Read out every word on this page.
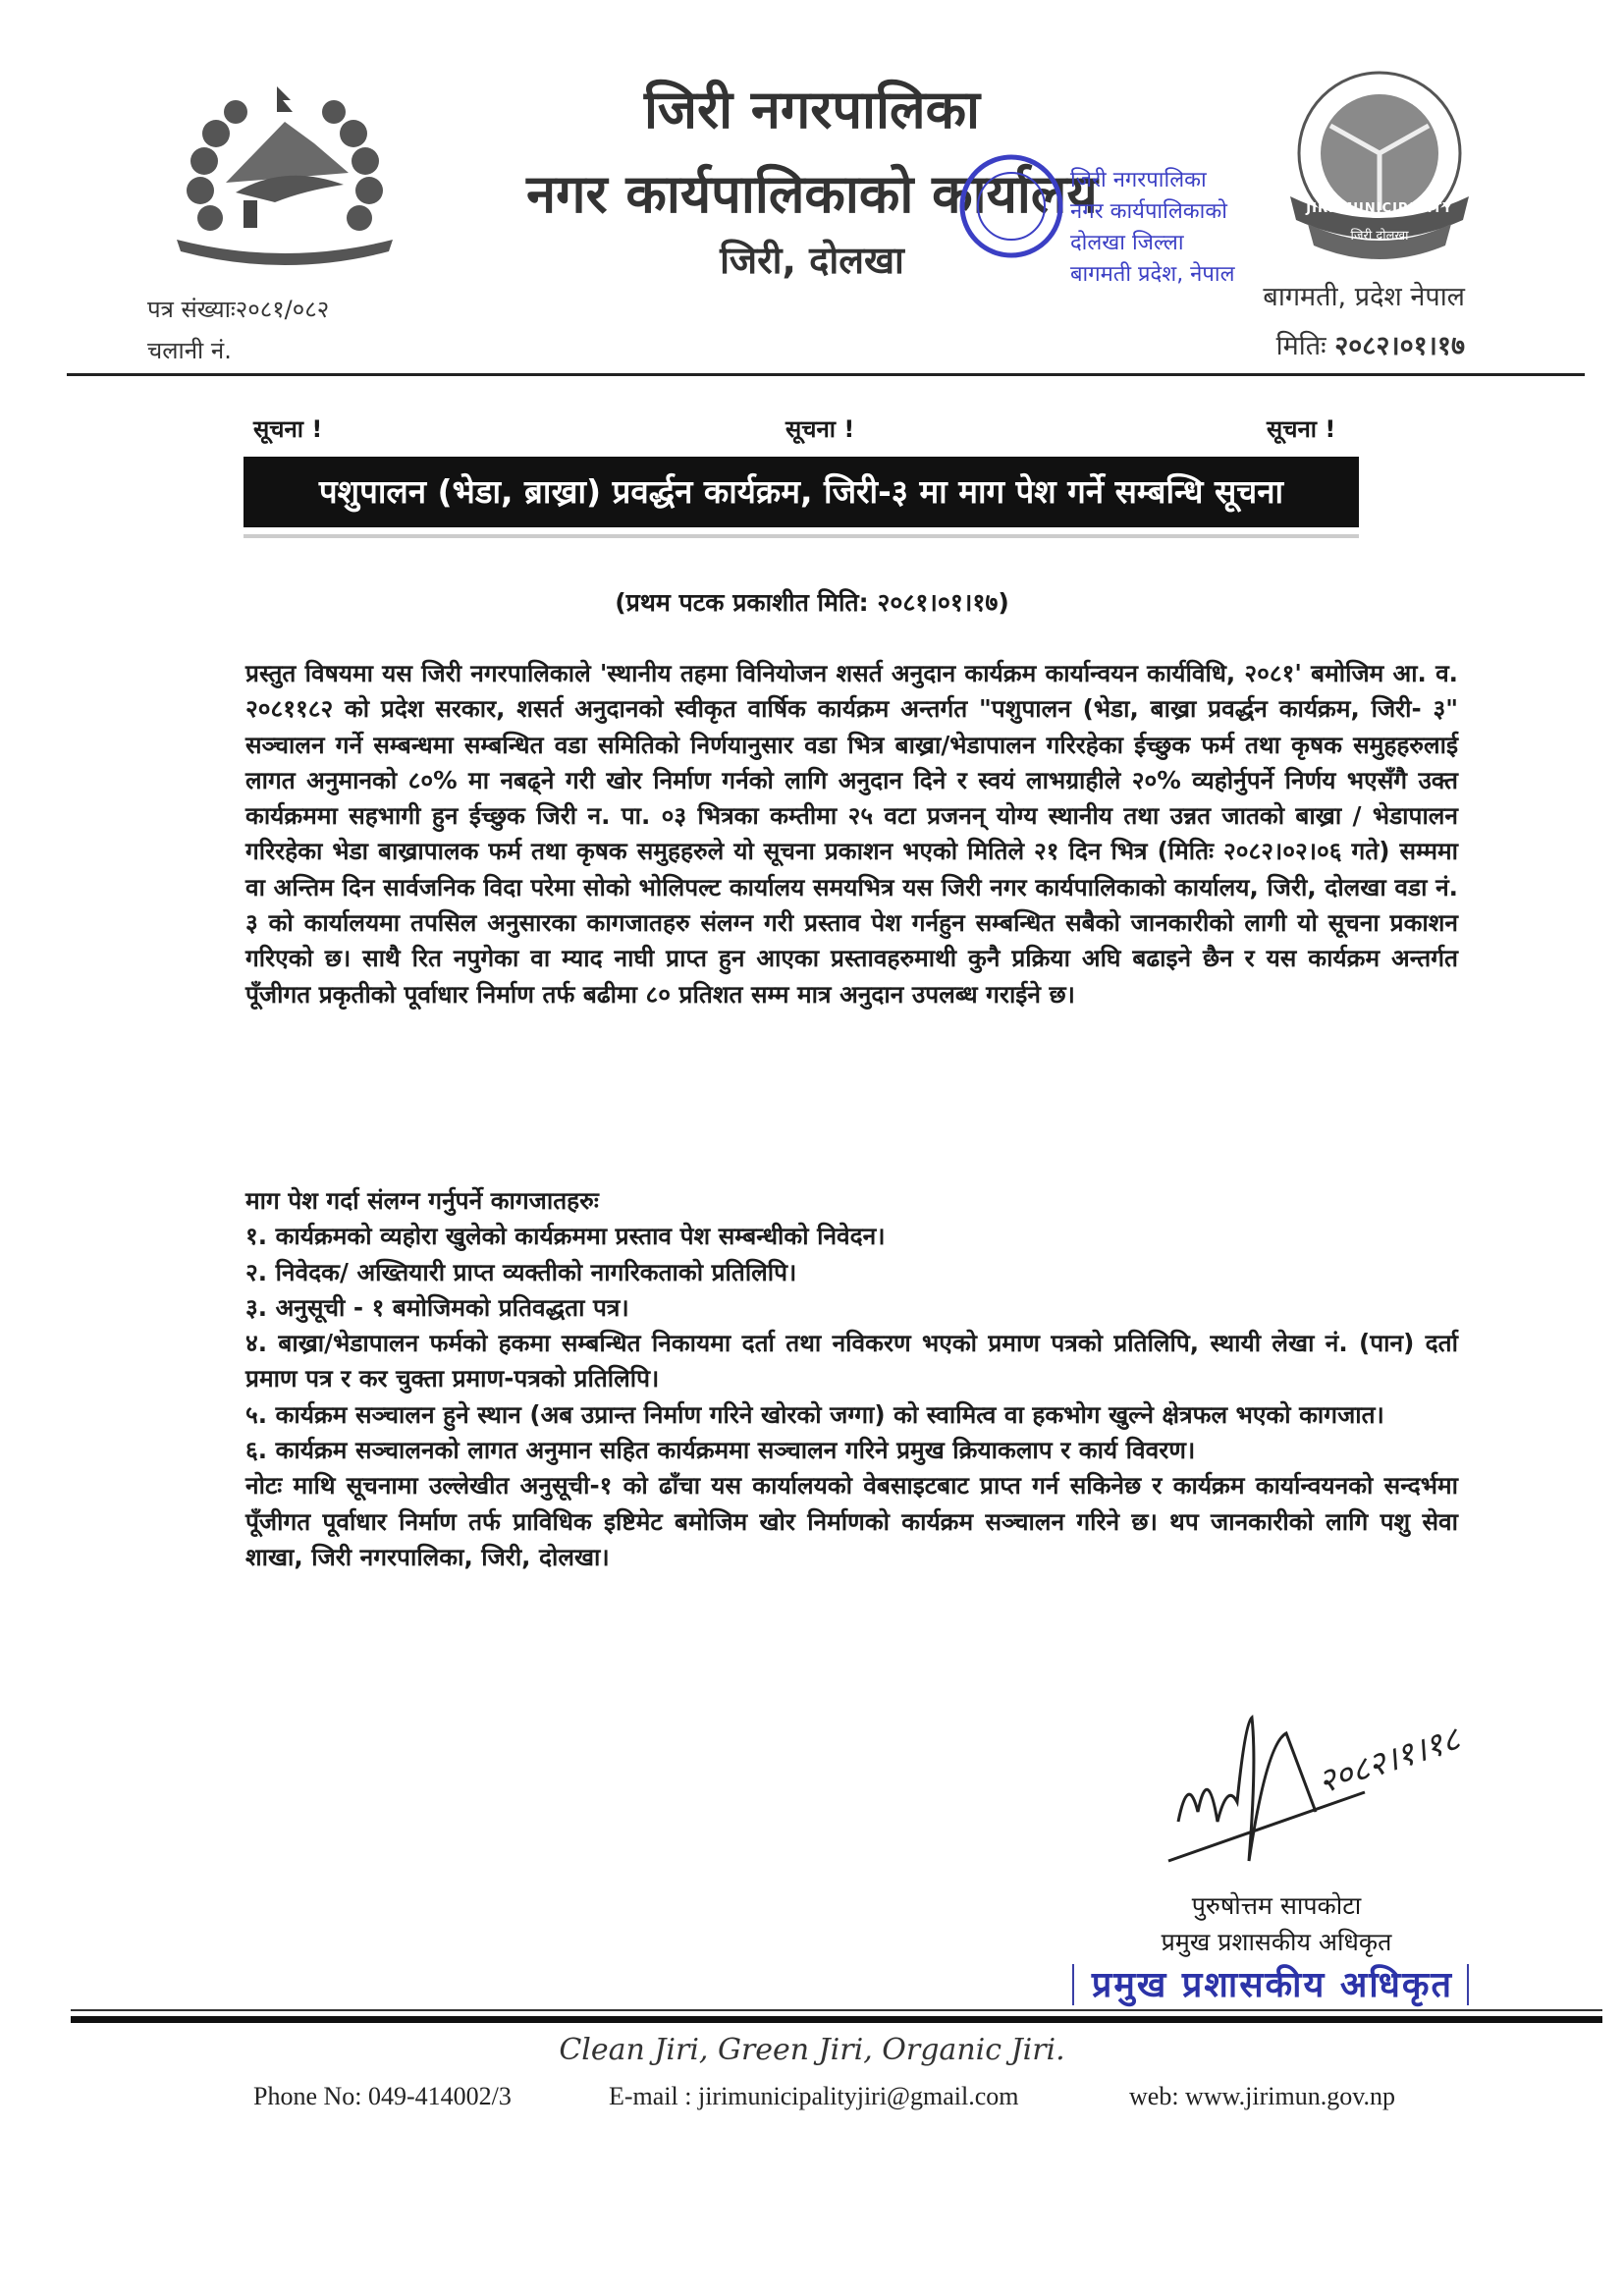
जिरी नगरपालिका
नगर कार्यपालिकाको कार्यालय
जिरी, दोलखा
JIRI MUNICIPALITY
जिरी दोलखा
पत्र संख्याः२०८१/०८२
चलानी नं.
बागमती, प्रदेश नेपाल
मितिः २०८२।०१।१७
जिरी नगरपालिका
नगर कार्यपालिकाको
दोलखा जिल्ला
बागमती प्रदेश, नेपाल
सूचना !	सूचना !	सूचना !
पशुपालन (भेडा, ब्राख्रा) प्रवर्द्धन कार्यक्रम, जिरी-३ मा माग पेश गर्ने सम्बन्धि सूचना
(प्रथम पटक प्रकाशीत मिति: २०८१।०१।१७)

प्रस्तुत विषयमा यस जिरी नगरपालिकाले 'स्थानीय तहमा विनियोजन शसर्त अनुदान कार्यक्रम कार्यान्वयन कार्यविधि, २०८१' बमोजिम आ. व. २०८११८२ को प्रदेश सरकार, शसर्त अनुदानको स्वीकृत वार्षिक कार्यक्रम अन्तर्गत "पशुपालन (भेडा, बाख्रा प्रवर्द्धन कार्यक्रम, जिरी- ३" सञ्चालन गर्ने सम्बन्धमा सम्बन्धित वडा समितिको निर्णयानुसार वडा भित्र बाख्रा/भेडापालन गरिरहेका ईच्छुक फर्म तथा कृषक समुहहरुलाई लागत अनुमानको ८०% मा नबढ्ने गरी खोर निर्माण गर्नको लागि अनुदान दिने र स्वयं लाभग्राहीले २०% व्यहोर्नुपर्ने निर्णय भएसँगै उक्त कार्यक्रममा सहभागी हुन ईच्छुक जिरी न. पा. ०३ भित्रका कम्तीमा २५ वटा प्रजनन् योग्य स्थानीय तथा उन्नत जातको बाख्रा / भेडापालन गरिरहेका भेडा बाख्रापालक फर्म तथा कृषक समुहहरुले यो सूचना प्रकाशन भएको मितिले २१ दिन भित्र (मितिः २०८२।०२।०६ गते) सम्ममा वा अन्तिम दिन सार्वजनिक विदा परेमा सोको भोलिपल्ट कार्यालय समयभित्र यस जिरी नगर कार्यपालिकाको कार्यालय, जिरी, दोलखा वडा नं. ३ को कार्यालयमा तपसिल अनुसारका कागजातहरु संलग्न गरी प्रस्ताव पेश गर्नहुन सम्बन्धित सबैको जानकारीको लागी यो सूचना प्रकाशन गरिएको छ। साथै रित नपुगेका वा म्याद नाघी प्राप्त हुन आएका प्रस्तावहरुमाथी कुनै प्रक्रिया अघि बढाइने छैन र यस कार्यक्रम अन्तर्गत पूँजीगत प्रकृतीको पूर्वाधार निर्माण तर्फ बढीमा ८० प्रतिशत सम्म मात्र अनुदान उपलब्ध गराईने छ।

माग पेश गर्दा संलग्न गर्नुपर्ने कागजातहरुः

१. कार्यक्रमको व्यहोरा खुलेको कार्यक्रममा प्रस्ताव पेश सम्बन्धीको निवेदन।

२. निवेदक/ अख्तियारी प्राप्त व्यक्तीको नागरिकताको प्रतिलिपि।

३. अनुसूची - १ बमोजिमको प्रतिवद्धता पत्र।

४. बाख्रा/भेडापालन फर्मको हकमा सम्बन्धित निकायमा दर्ता तथा नविकरण भएको प्रमाण पत्रको प्रतिलिपि, स्थायी लेखा नं. (पान) दर्ता प्रमाण पत्र र कर चुक्ता प्रमाण-पत्रको प्रतिलिपि।

५. कार्यक्रम सञ्चालन हुने स्थान (अब उप्रान्त निर्माण गरिने खोरको जग्गा) को स्वामित्व वा हकभोग खुल्ने क्षेत्रफल भएको कागजात।

६. कार्यक्रम सञ्चालनको लागत अनुमान सहित कार्यक्रममा सञ्चालन गरिने प्रमुख क्रियाकलाप र कार्य विवरण।

नोटः माथि सूचनामा उल्लेखीत अनुसूची-१ को ढाँचा यस कार्यालयको वेबसाइटबाट प्राप्त गर्न सकिनेछ र कार्यक्रम कार्यान्वयनको सन्दर्भमा पूँजीगत पूर्वाधार निर्माण तर्फ प्राविधिक इष्टिमेट बमोजिम खोर निर्माणको कार्यक्रम सञ्चालन गरिने छ। थप जानकारीको लागि पशु सेवा शाखा, जिरी नगरपालिका, जिरी, दोलखा।

२०८२।१।१८
पुरुषोत्तम सापकोटा
प्रमुख प्रशासकीय अधिकृत
प्रमुख प्रशासकीय अधिकृत
Clean Jiri, Green Jiri, Organic Jiri.
Phone No: 049-414002/3	E-mail : jirimunicipalityjiri@gmail.com	web: www.jirimun.gov.np
